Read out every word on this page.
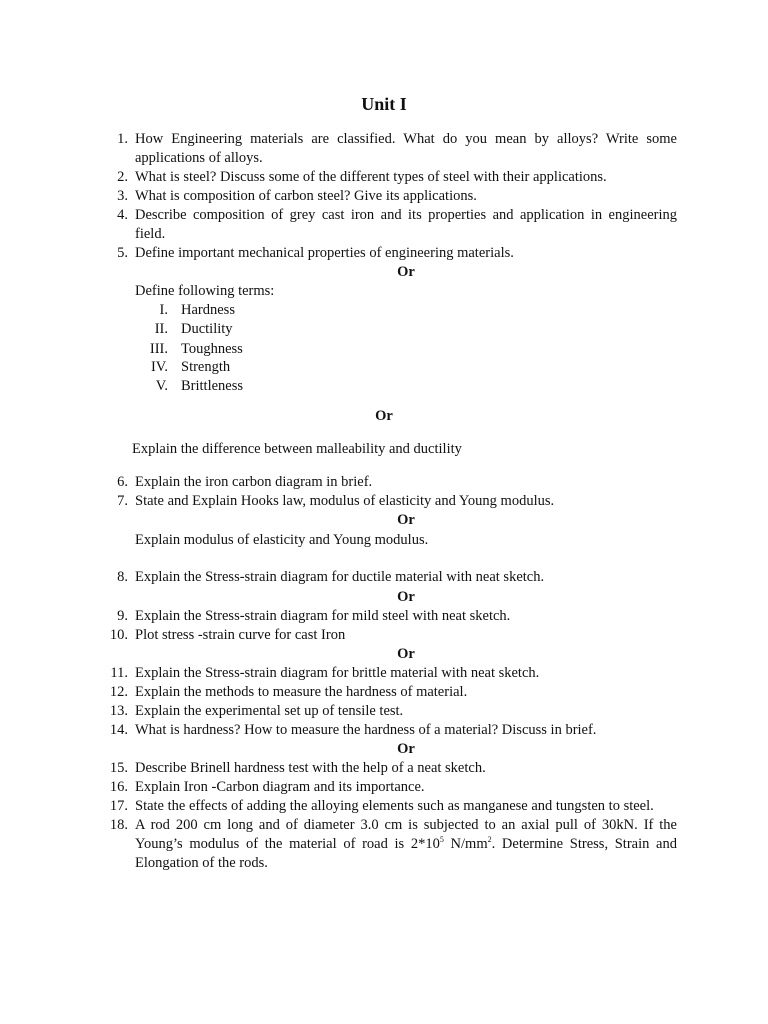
Unit I
1. How Engineering materials are classified. What do you mean by alloys? Write some
applications of alloys.
2. What is steel? Discuss some of the different types of steel with their applications.
3. What is composition of carbon steel? Give its applications.
4. Describe composition of grey cast iron and its properties and application in engineering
field.
5. Define important mechanical properties of engineering materials.
Or
Define following terms:
I. Hardness
II. Ductility
III. Toughness
IV. Strength
V. Brittleness
Or
Explain the difference between malleability and ductility
6. Explain the iron carbon diagram in brief.
7. State and Explain Hooks law, modulus of elasticity and Young modulus.
Or
Explain modulus of elasticity and Young modulus.
8. Explain the Stress-strain diagram for ductile material with neat sketch.
Or
9. Explain the Stress-strain diagram for mild steel with neat sketch.
10. Plot stress -strain curve for cast Iron
Or
11. Explain the Stress-strain diagram for brittle material with neat sketch.
12. Explain the methods to measure the hardness of material.
13. Explain the experimental set up of tensile test.
14. What is hardness? How to measure the hardness of a material? Discuss in brief.
Or
15. Describe Brinell hardness test with the help of a neat sketch.
16. Explain Iron -Carbon diagram and its importance.
17. State the effects of adding the alloying elements such as manganese and tungsten to steel.
18. A rod 200 cm long and of diameter 3.0 cm is subjected to an axial pull of 30kN. If the
Young’s modulus of the material of road is $2*10^5$ $N/mm^2$. Determine Stress, Strain and
Elongation of the rods.
